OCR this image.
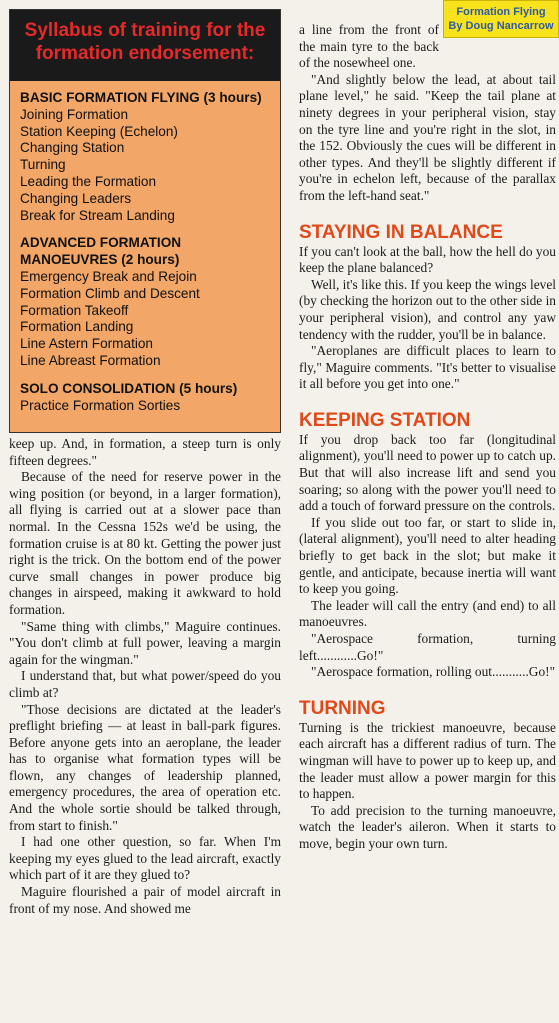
Formation Flying
By Doug Nancarrow
Syllabus of training for the formation endorsement:
BASIC FORMATION FLYING (3 hours)
Joining Formation
Station Keeping (Echelon)
Changing Station
Turning
Leading the Formation
Changing Leaders
Break for Stream Landing
ADVANCED FORMATION MANOEUVRES (2 hours)
Emergency Break and Rejoin
Formation Climb and Descent
Formation Takeoff
Formation Landing
Line Astern Formation
Line Abreast Formation
SOLO CONSOLIDATION (5 hours)
Practice Formation Sorties

keep up. And, in formation, a steep turn is only fifteen degrees."

Because of the need for reserve power in the wing position (or beyond, in a larger formation), all flying is carried out at a slower pace than normal. In the Cessna 152s we'd be using, the formation cruise is at 80 kt. Getting the power just right is the trick. On the bottom end of the power curve small changes in power produce big changes in airspeed, making it awkward to hold formation.

"Same thing with climbs," Maguire continues. "You don't climb at full power, leaving a margin again for the wingman."

I understand that, but what power/speed do you climb at?

"Those decisions are dictated at the leader's preflight briefing — at least in ball-park figures. Before anyone gets into an aeroplane, the leader has to organise what formation types will be flown, any changes of leadership planned, emergency procedures, the area of operation etc. And the whole sortie should be talked through, from start to finish."

I had one other question, so far. When I'm keeping my eyes glued to the lead aircraft, exactly which part of it are they glued to?

Maguire flourished a pair of model aircraft in front of my nose. And showed me

a line from the front of the main tyre to the back of the nosewheel one.

"And slightly below the lead, at about tail plane level," he said. "Keep the tail plane at ninety degrees in your peripheral vision, stay on the tyre line and you're right in the slot, in the 152. Obviously the cues will be different in other types. And they'll be slightly different if you're in echelon left, because of the parallax from the left-hand seat."

STAYING IN BALANCE

If you can't look at the ball, how the hell do you keep the plane balanced?

Well, it's like this. If you keep the wings level (by checking the horizon out to the other side in your peripheral vision), and control any yaw tendency with the rudder, you'll be in balance.

"Aeroplanes are difficult places to learn to fly," Maguire comments. "It's better to visualise it all before you get into one."

KEEPING STATION

If you drop back too far (longitudinal alignment), you'll need to power up to catch up. But that will also increase lift and send you soaring; so along with the power you'll need to add a touch of forward pressure on the controls.

If you slide out too far, or start to slide in, (lateral alignment), you'll need to alter heading briefly to get back in the slot; but make it gentle, and anticipate, because inertia will want to keep you going.

The leader will call the entry (and end) to all manoeuvres.

"Aerospace formation, turning left............Go!"

"Aerospace formation, rolling out...........Go!"

TURNING

Turning is the trickiest manoeuvre, because each aircraft has a different radius of turn. The wingman will have to power up to keep up, and the leader must allow a power margin for this to happen.

To add precision to the turning manoeuvre, watch the leader's aileron. When it starts to move, begin your own turn.
